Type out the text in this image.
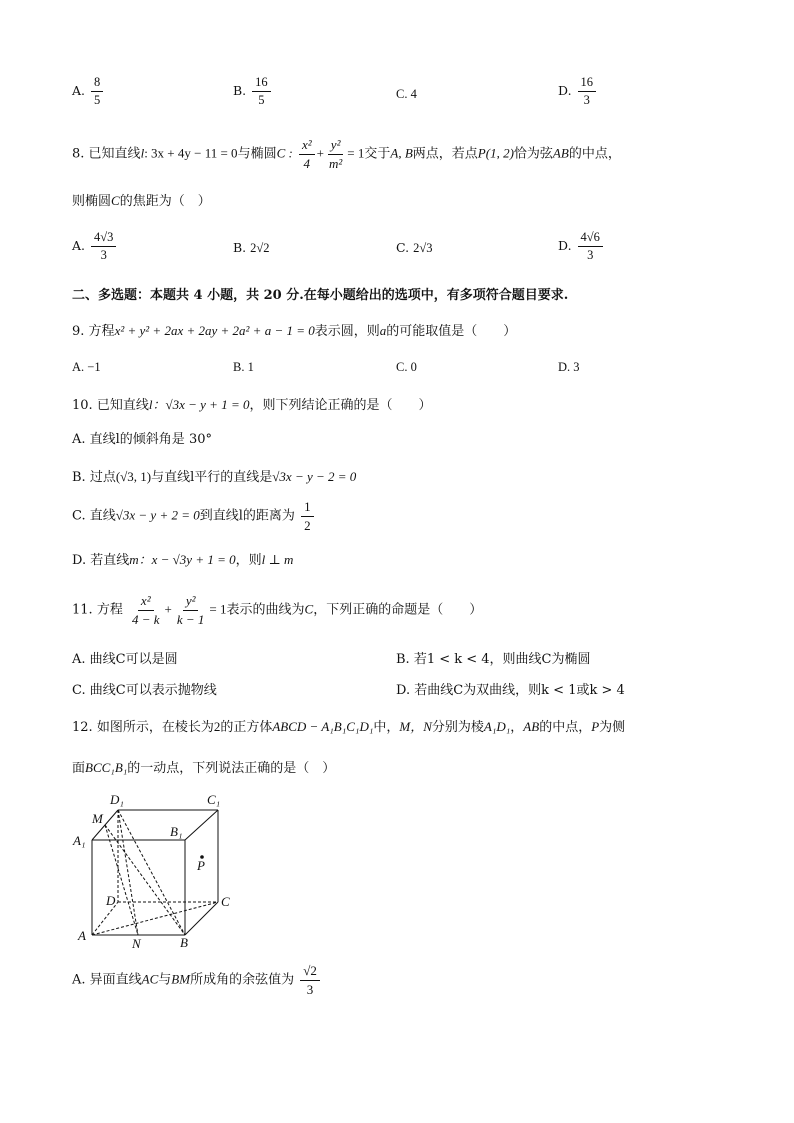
A. $\frac{8}{5}$	B. $\frac{16}{5}$	C. 4	D. $\frac{16}{3}$
8. 已知直线l: 3x + 4y − 11 = 0与椭圆C : $\frac{\text{x²}}{4} + \frac{\text{y²}}{\text{m²}} = 1$交于A, B两点，若点P(1, 2)恰为弦AB的中点，
则椭圆C的焦距为（　）
A. $\frac{4√3}{3}$	B. 2√2	C. 2√3	D. $\frac{4√6}{3}$
二、多选题：本题共 4 小题，共 20 分.在每小题给出的选项中，有多项符合题目要求.
9. 方程x² + y² + 2ax + 2ay + 2a² + a − 1 = 0表示圆，则a的可能取值是（　　）
A. −1	B. 1	C. 0	D. 3
10. 已知直线l：√3x − y + 1 = 0，则下列结论正确的是（　　）
A. 直线l的倾斜角是 30°
B. 过点(√3, 1)与直线l平行的直线是√3x − y − 2 = 0
C. 直线√3x − y + 2 = 0到直线l的距离为 $\frac{1}{2}$
D. 若直线m：x − √3y + 1 = 0，则l ⊥ m
11. 方程 $\frac{\text{x²}}{4 - k} + \frac{\text{y²}}{k - 1} = 1$表示的曲线为C，下列正确的命题是（　　）
A. 曲线C可以是圆	B. 若1 < k < 4，则曲线C为椭圆
C. 曲线C可以表示抛物线	D. 若曲线C为双曲线，则k < 1或k > 4
12. 如图所示，在棱长为2的正方体ABCD − A₁B₁C₁D₁中，M，N分别为棱A₁D₁，AB的中点，P为侧
面BCC₁B₁的一动点，下列说法正确的是（　）
D₁	C₁
M
B₁
A₁
P
D	C
A
N	B
A. 异面直线AC与BM所成角的余弦值为 $\frac{√2}{3}$
